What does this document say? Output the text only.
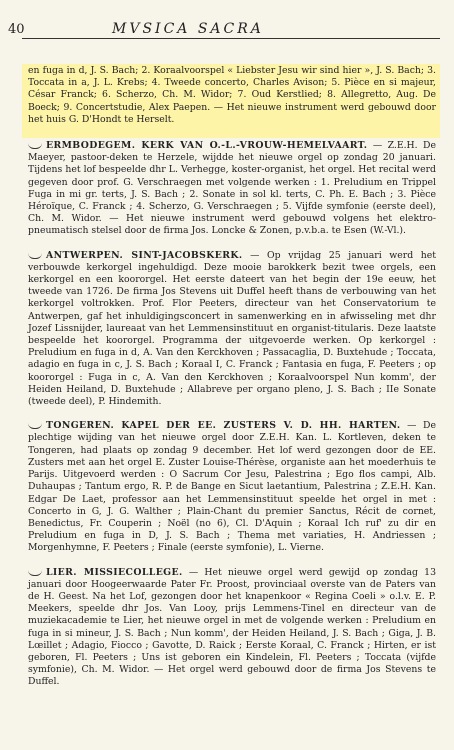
40	MVSICA SACRA

en fuga in d, J. S. Bach; 2. Koraalvoorspel « Liebster Jesu wir sind hier », J. S. Bach; 3. Toccata in a, J. L. Krebs; 4. Tweede concerto, Charles Avison; 5. Pièce en si majeur, César Franck; 6. Scherzo, Ch. M. Widor; 7. Oud Kerstlied; 8. Allegretto, Aug. De Boeck; 9. Concertstudie, Alex Paepen. — Het nieuwe instrument werd gebouwd door het huis G. D'Hondt te Herselt.

ERMBODEGEM. KERK VAN O.-L.-VROUW-HEMELVAART. — Z.E.H. De Maeyer, pastoor-deken te Herzele, wijdde het nieuwe orgel op zondag 20 januari. Tijdens het lof bespeelde dhr L. Verhegge, koster-organist, het orgel. Het recital werd gegeven door prof. G. Verschraegen met volgende werken : 1. Preludium en Trippel Fuga in mi gr. terts, J. S. Bach ; 2. Sonate in sol kl. terts, C. Ph. E. Bach ; 3. Pièce Héroïque, C. Franck ; 4. Scherzo, G. Verschraegen ; 5. Vijfde symfonie (eerste deel), Ch. M. Widor. — Het nieuwe instrument werd gebouwd volgens het elektro-pneumatisch stelsel door de firma Jos. Loncke & Zonen, p.v.b.a. te Esen (W.-Vl.).
ANTWERPEN. SINT-JACOBSKERK. — Op vrijdag 25 januari werd het verbouwde kerkorgel ingehuldigd. Deze mooie barokkerk bezit twee orgels, een kerkorgel en een koororgel. Het eerste dateert van het begin der 19e eeuw, het tweede van 1726. De firma Jos Stevens uit Duffel heeft thans de verbouwing van het kerkorgel voltrokken. Prof. Flor Peeters, directeur van het Conservatorium te Antwerpen, gaf het inhuldigingsconcert in samenwerking en in afwisseling met dhr Jozef Lissnijder, laureaat van het Lemmensinstituut en organist-titularis. Deze laatste bespeelde het koororgel. Programma der uitgevoerde werken. Op kerkorgel : Preludium en fuga in d, A. Van den Kerckhoven ; Passacaglia, D. Buxtehude ; Toccata, adagio en fuga in c, J. S. Bach ; Koraal I, C. Franck ; Fantasia en fuga, F. Peeters ; op koororgel : Fuga in c, A. Van den Kerckhoven ; Koraalvoorspel Nun komm', der Heiden Heiland, D. Buxtehude ; Allabreve per organo pleno, J. S. Bach ; IIe Sonate (tweede deel), P. Hindemith.
TONGEREN. KAPEL DER EE. ZUSTERS V. D. HH. HARTEN. — De plechtige wijding van het nieuwe orgel door Z.E.H. Kan. L. Kortleven, deken te Tongeren, had plaats op zondag 9 december. Het lof werd gezongen door de EE. Zusters met aan het orgel E. Zuster Louise-Thérèse, organiste aan het moederhuis te Parijs. Uitgevoerd werden : O Sacrum Cor Jesu, Palestrina ; Ego flos campi, Alb. Duhaupas ; Tantum ergo, R. P. de Bange en Sicut laetantium, Palestrina ; Z.E.H. Kan. Edgar De Laet, professor aan het Lemmensinstituut speelde het orgel in met : Concerto in G, J. G. Walther ; Plain-Chant du premier Sanctus, Récit de cornet, Benedictus, Fr. Couperin ; Noël (no 6), Cl. D'Aquin ; Koraal Ich ruf' zu dir en Preludium en fuga in D, J. S. Bach ; Thema met variaties, H. Andriessen ; Morgenhymne, F. Peeters ; Finale (eerste symfonie), L. Vierne.
LIER. MISSIECOLLEGE. — Het nieuwe orgel werd gewijd op zondag 13 januari door Hoogeerwaarde Pater Fr. Proost, provinciaal overste van de Paters van de H. Geest. Na het Lof, gezongen door het knapenkoor « Regina Coeli » o.l.v. E. P. Meekers, speelde dhr Jos. Van Looy, prijs Lemmens-Tinel en directeur van de muziekacademie te Lier, het nieuwe orgel in met de volgende werken : Preludium en fuga in si mineur, J. S. Bach ; Nun komm', der Heiden Heiland, J. S. Bach ; Giga, J. B. Lœillet ; Adagio, Fiocco ; Gavotte, D. Raick ; Eerste Koraal, C. Franck ; Hirten, er ist geboren, Fl. Peeters ; Uns ist geboren ein Kindelein, Fl. Peeters ; Toccata (vijfde symfonie), Ch. M. Widor. — Het orgel werd gebouwd door de firma Jos Stevens te Duffel.
